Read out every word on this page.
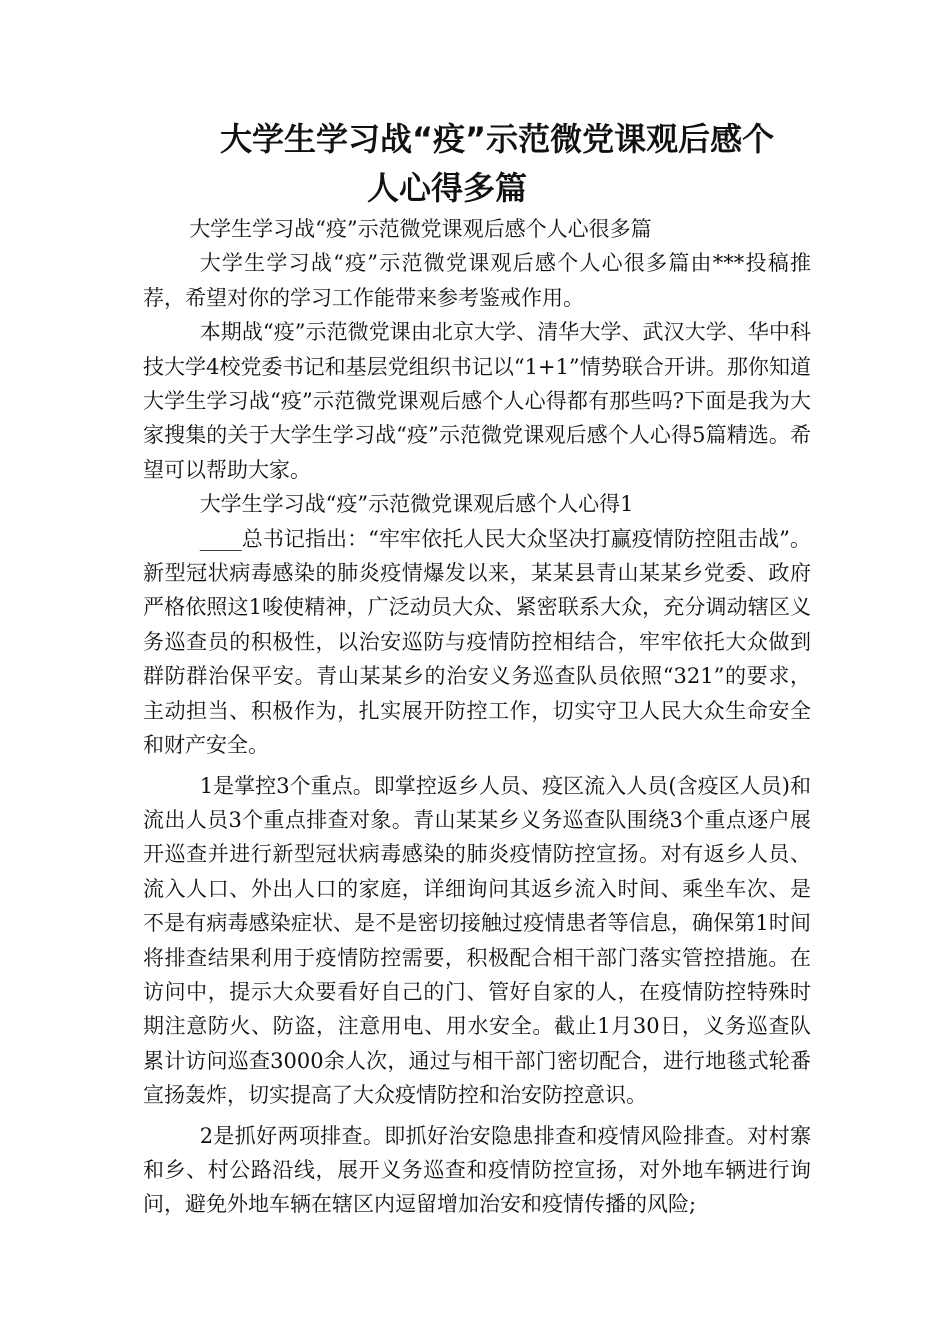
大学生学习战“疫”示范微党课观后感个
人心得多篇

大学生学习战“疫”示范微党课观后感个人心很多篇

大学生学习战“疫”示范微党课观后感个人心很多篇由***投稿推荐，希望对你的学习工作能带来参考鉴戒作用。

本期战“疫”示范微党课由北京大学、清华大学、武汉大学、华中科技大学4校党委书记和基层党组织书记以“1+1”情势联合开讲。那你知道大学生学习战“疫”示范微党课观后感个人心得都有那些吗?下面是我为大家搜集的关于大学生学习战“疫”示范微党课观后感个人心得5篇精选。希望可以帮助大家。

大学生学习战“疫”示范微党课观后感个人心得1

____总书记指出：“牢牢依托人民大众坚决打赢疫情防控阻击战”。新型冠状病毒感染的肺炎疫情爆发以来，某某县青山某某乡党委、政府严格依照这1唆使精神，广泛动员大众、紧密联系大众，充分调动辖区义务巡查员的积极性，以治安巡防与疫情防控相结合，牢牢依托大众做到群防群治保平安。青山某某乡的治安义务巡查队员依照“321”的要求，主动担当、积极作为，扎实展开防控工作，切实守卫人民大众生命安全和财产安全。

1是掌控3个重点。即掌控返乡人员、疫区流入人员(含疫区人员)和流出人员3个重点排查对象。青山某某乡义务巡查队围绕3个重点逐户展开巡查并进行新型冠状病毒感染的肺炎疫情防控宣扬。对有返乡人员、流入人口、外出人口的家庭，详细询问其返乡流入时间、乘坐车次、是不是有病毒感染症状、是不是密切接触过疫情患者等信息，确保第1时间将排查结果利用于疫情防控需要，积极配合相干部门落实管控措施。在访问中，提示大众要看好自己的门、管好自家的人，在疫情防控特殊时期注意防火、防盗，注意用电、用水安全。截止1月30日，义务巡查队累计访问巡查3000余人次，通过与相干部门密切配合，进行地毯式轮番宣扬轰炸，切实提高了大众疫情防控和治安防控意识。

2是抓好两项排查。即抓好治安隐患排查和疫情风险排查。对村寨和乡、村公路沿线，展开义务巡查和疫情防控宣扬，对外地车辆进行询问，避免外地车辆在辖区内逗留增加治安和疫情传播的风险;
